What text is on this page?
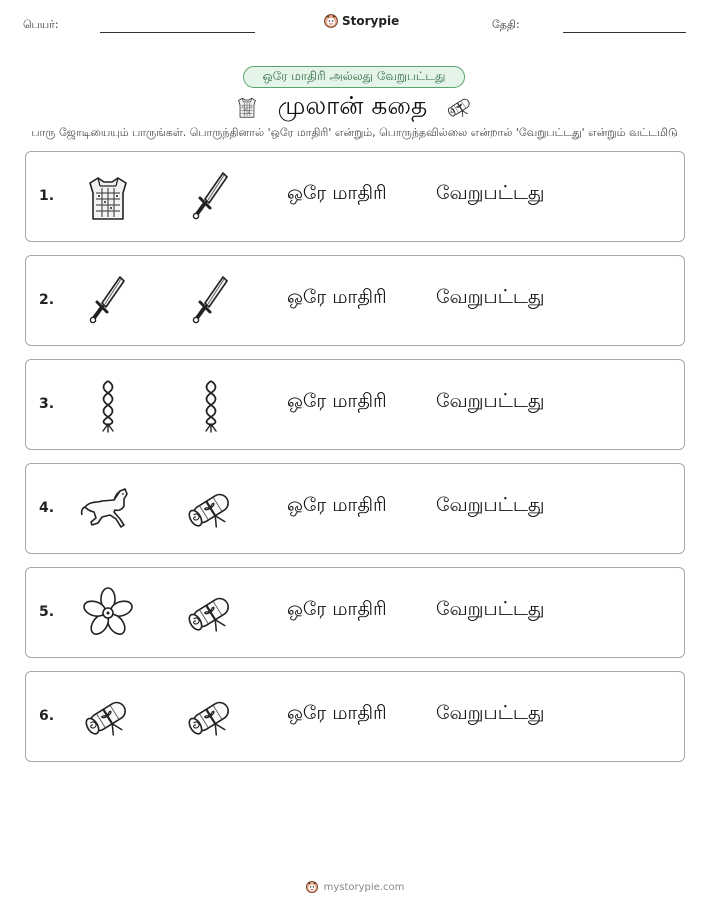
பெயர்:	Storypie	தேதி:
ஒரே மாதிரி அல்லது வேறுபட்டது
முலான் கதை
பாரு ஜோடியையும் பாருங்கள். பொருந்தினால் 'ஒரே மாதிரி' என்றும், பொருந்தவில்லை என்றால் 'வேறுபட்டது' என்றும் வட்டமிடு
1.	ஒரே மாதிரி	வேறுபட்டது
2.	ஒரே மாதிரி	வேறுபட்டது
3.	ஒரே மாதிரி	வேறுபட்டது
4.	ஒரே மாதிரி	வேறுபட்டது
5.	ஒரே மாதிரி	வேறுபட்டது
6.	ஒரே மாதிரி	வேறுபட்டது
mystorypie.com
